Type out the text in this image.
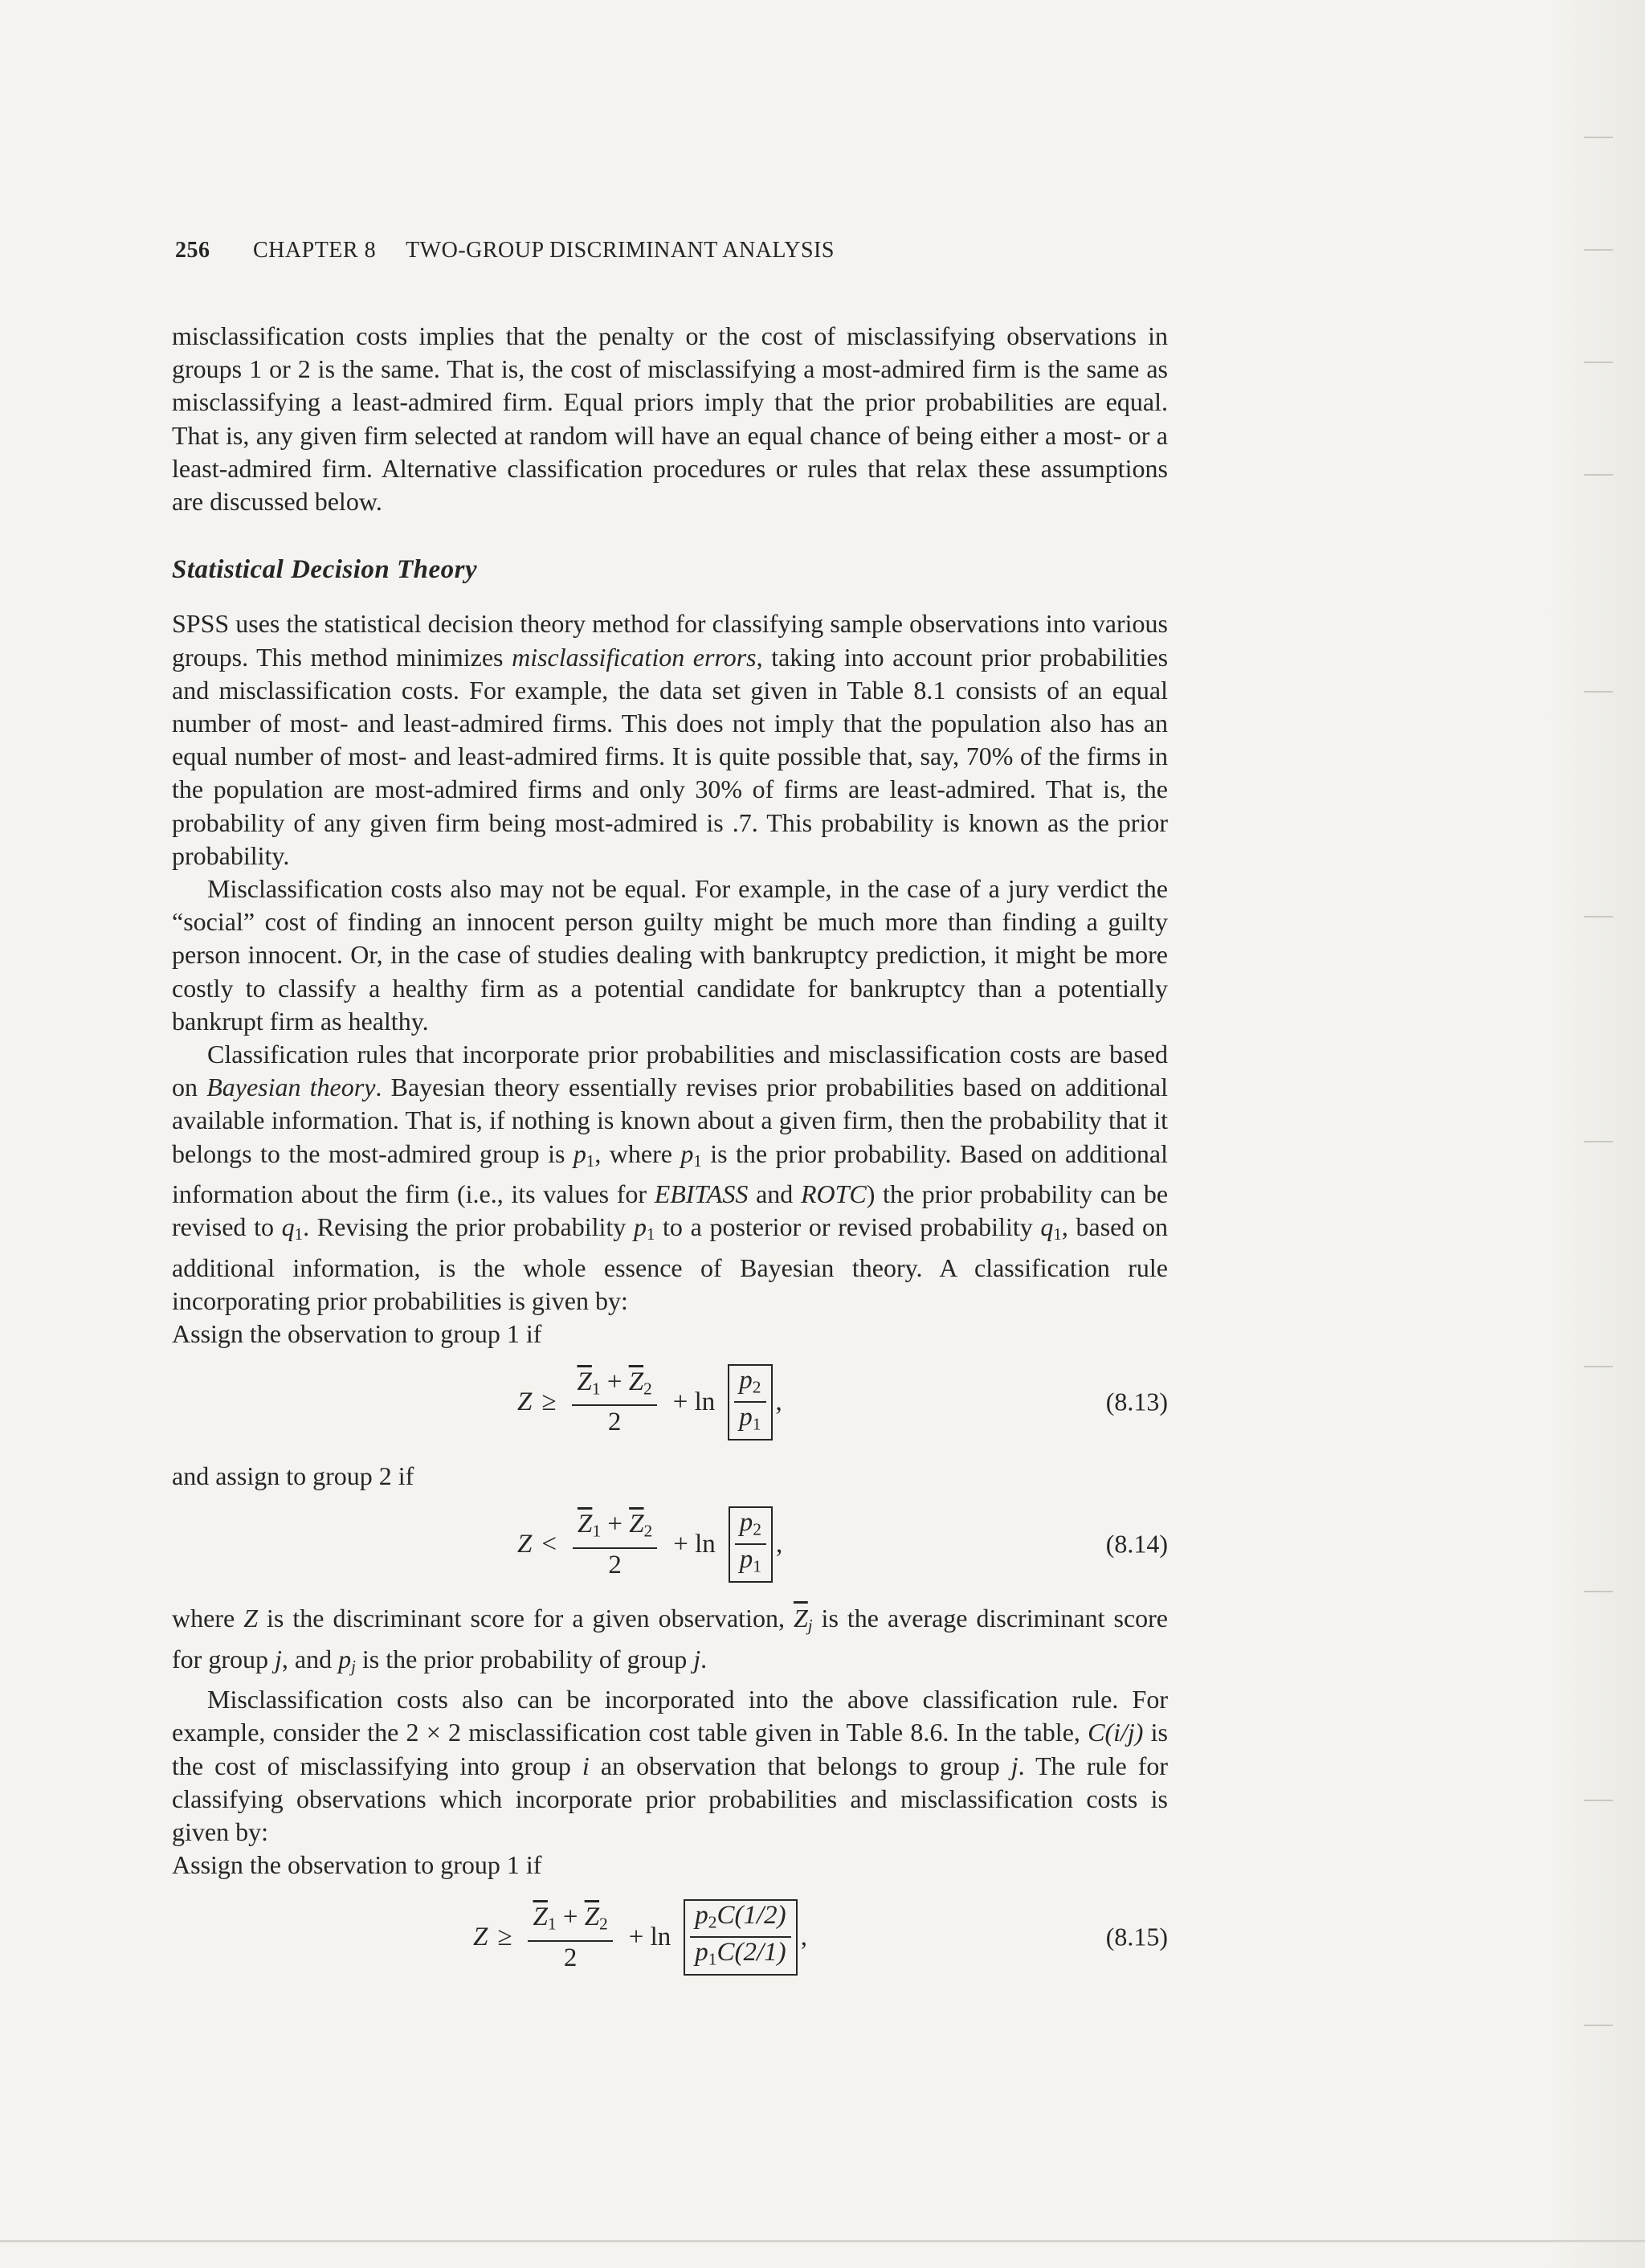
256 CHAPTER 8 TWO-GROUP DISCRIMINANT ANALYSIS

misclassification costs implies that the penalty or the cost of misclassifying observations in groups 1 or 2 is the same. That is, the cost of misclassifying a most-admired firm is the same as misclassifying a least-admired firm. Equal priors imply that the prior probabilities are equal. That is, any given firm selected at random will have an equal chance of being either a most- or a least-admired firm. Alternative classification procedures or rules that relax these assumptions are discussed below.

Statistical Decision Theory

SPSS uses the statistical decision theory method for classifying sample observations into various groups. This method minimizes misclassification errors, taking into account prior probabilities and misclassification costs. For example, the data set given in Table 8.1 consists of an equal number of most- and least-admired firms. This does not imply that the population also has an equal number of most- and least-admired firms. It is quite possible that, say, 70% of the firms in the population are most-admired firms and only 30% of firms are least-admired. That is, the probability of any given firm being most-admired is .7. This probability is known as the prior probability.

Misclassification costs also may not be equal. For example, in the case of a jury verdict the “social” cost of finding an innocent person guilty might be much more than finding a guilty person innocent. Or, in the case of studies dealing with bankruptcy prediction, it might be more costly to classify a healthy firm as a potential candidate for bankruptcy than a potentially bankrupt firm as healthy.

Classification rules that incorporate prior probabilities and misclassification costs are based on Bayesian theory. Bayesian theory essentially revises prior probabilities based on additional available information. That is, if nothing is known about a given firm, then the probability that it belongs to the most-admired group is $p_1$, where $p_1$ is the prior probability. Based on additional information about the firm (i.e., its values for EBITASS and ROTC) the prior probability can be revised to $q_1$. Revising the prior probability $p_1$ to a posterior or revised probability $q_1$, based on additional information, is the whole essence of Bayesian theory. A classification rule incorporating prior probabilities is given by:

Assign the observation to group 1 if

$Z \ge \frac{\overline{Z}_1 + \overline{Z}_2}{2} + \ln \frac{p_2}{p_1}$ ,	(8.13)

and assign to group 2 if

$Z < \frac{\overline{Z}_1 + \overline{Z}_2}{2} + \ln \frac{p_2}{p_1}$ ,	(8.14)

where Z is the discriminant score for a given observation, $\overline{Z}_j$ is the average discriminant score for group j, and $p_j$ is the prior probability of group j.

Misclassification costs also can be incorporated into the above classification rule. For example, consider the 2 × 2 misclassification cost table given in Table 8.6. In the table, C(i/j) is the cost of misclassifying into group i an observation that belongs to group j. The rule for classifying observations which incorporate prior probabilities and misclassification costs is given by:

Assign the observation to group 1 if

$Z \ge \frac{\overline{Z}_1 + \overline{Z}_2}{2} + \ln \frac{p_2C(1/2)}{p_1C(2/1)}$ ,	(8.15)
